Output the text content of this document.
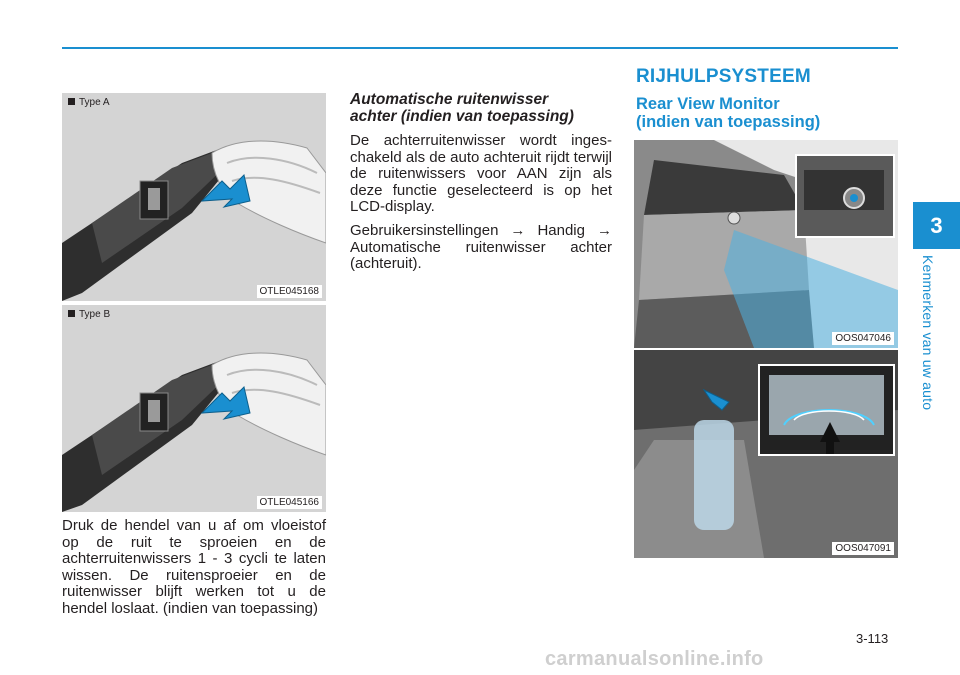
Type A
OTLE045168
Type B
OTLE045166
Druk de hendel van u af om vloeistof op de ruit te sproeien en de achterruitenwissers 1 - 3 cycli te laten wissen. De ruitensproeier en de ruitenwisser blijft werken tot u de hendel loslaat. (indien van toepassing)
Automatische ruitenwisser
achter (indien van toepassing)
De achterruitenwisser wordt inges-chakeld als de auto achteruit rijdt terwijl de ruitenwissers voor AAN zijn als deze functie geselecteerd is op het LCD-display.
Gebruikersinstellingen → Handig → Automatische ruitenwisser achter (achteruit).
RIJHULPSYSTEEM
Rear View Monitor
(indien van toepassing)
OOS047046
OOS047091
3
Kenmerken van uw auto
3-113
carmanualsonline.info
